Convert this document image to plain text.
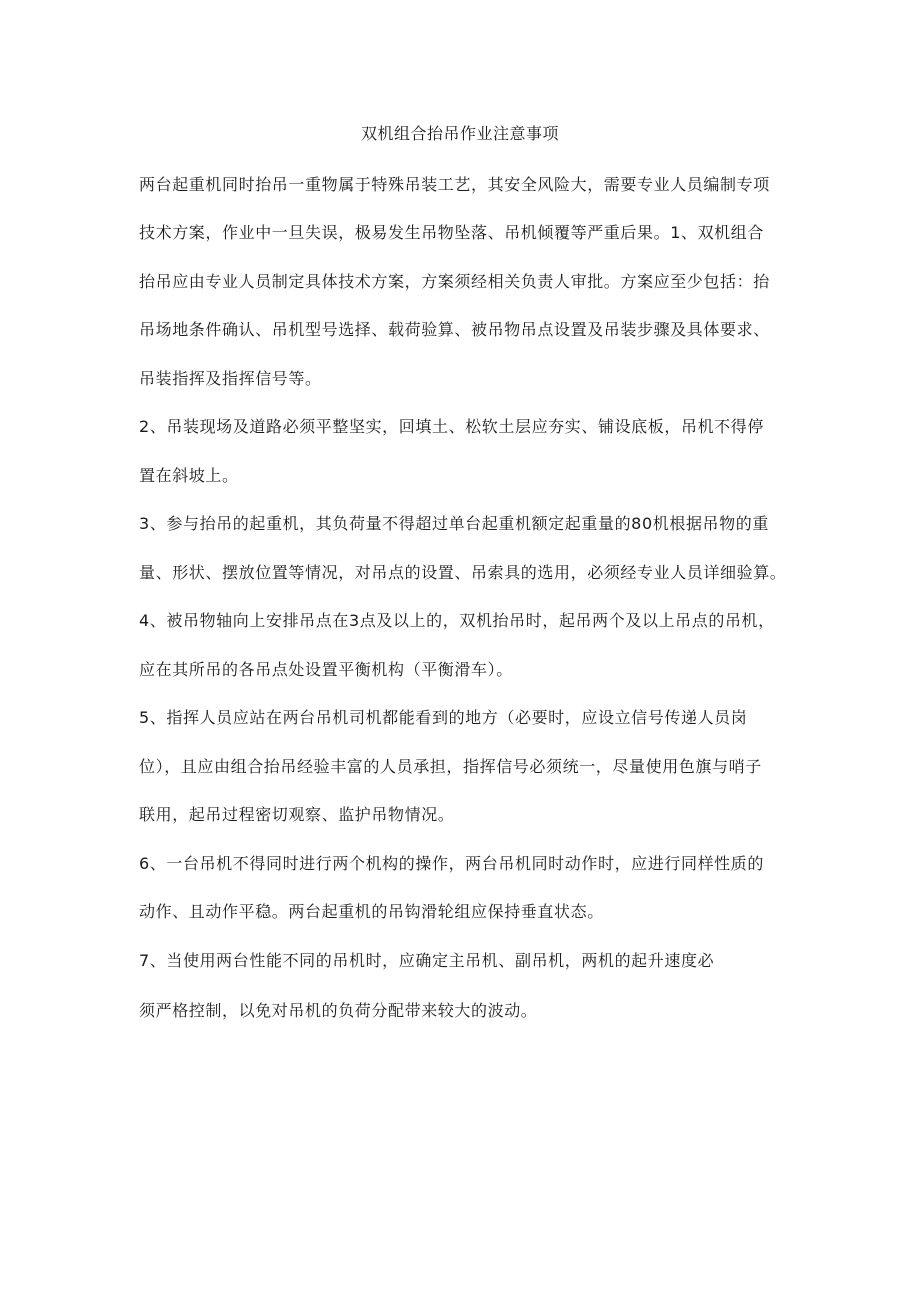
双机组合抬吊作业注意事项
两台起重机同时抬吊一重物属于特殊吊装工艺，其安全风险大，需要专业人员编制专项
技术方案，作业中一旦失误，极易发生吊物坠落、吊机倾覆等严重后果。1、双机组合
抬吊应由专业人员制定具体技术方案，方案须经相关负责人审批。方案应至少包括：抬
吊场地条件确认、吊机型号选择、载荷验算、被吊物吊点设置及吊装步骤及具体要求、
吊装指挥及指挥信号等。
2、吊装现场及道路必须平整坚实，回填土、松软土层应夯实、铺设底板，吊机不得停
置在斜坡上。
3、参与抬吊的起重机，其负荷量不得超过单台起重机额定起重量的80机根据吊物的重
量、形状、摆放位置等情况，对吊点的设置、吊索具的选用，必须经专业人员详细验算。
4、被吊物轴向上安排吊点在3点及以上的，双机抬吊时，起吊两个及以上吊点的吊机，
应在其所吊的各吊点处设置平衡机构（平衡滑车）。
5、指挥人员应站在两台吊机司机都能看到的地方（必要时，应设立信号传递人员岗
位），且应由组合抬吊经验丰富的人员承担，指挥信号必须统一，尽量使用色旗与哨子
联用，起吊过程密切观察、监护吊物情况。
6、一台吊机不得同时进行两个机构的操作，两台吊机同时动作时，应进行同样性质的
动作、且动作平稳。两台起重机的吊钩滑轮组应保持垂直状态。
7、当使用两台性能不同的吊机时，应确定主吊机、副吊机，两机的起升速度必
须严格控制，以免对吊机的负荷分配带来较大的波动。
